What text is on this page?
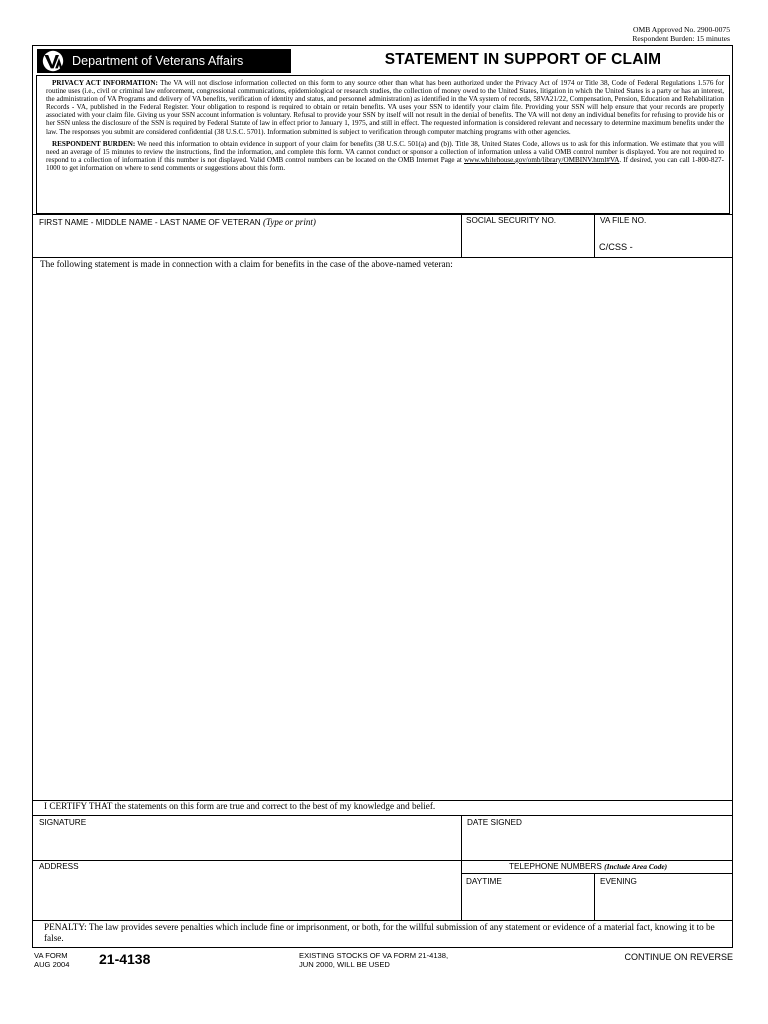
OMB Approved No. 2900-0075
Respondent Burden: 15 minutes
Department of Veterans Affairs	STATEMENT IN SUPPORT OF CLAIM

PRIVACY ACT INFORMATION: The VA will not disclose information collected on this form to any source other than what has been authorized under the Privacy Act of 1974 or Title 38, Code of Federal Regulations 1.576 for routine uses (i.e., civil or criminal law enforcement, congressional communications, epidemiological or research studies, the collection of money owed to the United States, litigation in which the United States is a party or has an interest, the administration of VA Programs and delivery of VA benefits, verification of identity and status, and personnel administration) as identified in the VA system of records, 58VA21/22, Compensation, Pension, Education and Rehabilitation Records - VA, published in the Federal Register. Your obligation to respond is required to obtain or retain benefits. VA uses your SSN to identify your claim file. Providing your SSN will help ensure that your records are properly associated with your claim file. Giving us your SSN account information is voluntary. Refusal to provide your SSN by itself will not result in the denial of benefits. The VA will not deny an individual benefits for refusing to provide his or her SSN unless the disclosure of the SSN is required by Federal Statute of law in effect prior to January 1, 1975, and still in effect. The requested information is considered relevant and necessary to determine maximum benefits under the law. The responses you submit are considered confidential (38 U.S.C. 5701). Information submitted is subject to verification through computer matching programs with other agencies.

RESPONDENT BURDEN: We need this information to obtain evidence in support of your claim for benefits (38 U.S.C. 501(a) and (b)). Title 38, United States Code, allows us to ask for this information. We estimate that you will need an average of 15 minutes to review the instructions, find the information, and complete this form. VA cannot conduct or sponsor a collection of information unless a valid OMB control number is displayed. You are not required to respond to a collection of information if this number is not displayed. Valid OMB control numbers can be located on the OMB Internet Page at www.whitehouse.gov/omb/library/OMBINV.html#VA. If desired, you can call 1-800-827-1000 to get information on where to send comments or suggestions about this form.

FIRST NAME - MIDDLE NAME - LAST NAME OF VETERAN (Type or print)	SOCIAL SECURITY NO.	VA FILE NO.
C/CSS -
The following statement is made in connection with a claim for benefits in the case of the above-named veteran:
I CERTIFY THAT the statements on this form are true and correct to the best of my knowledge and belief.
SIGNATURE	DATE SIGNED
ADDRESS	TELEPHONE NUMBERS (Include Area Code)
DAYTIME	EVENING
PENALTY: The law provides severe penalties which include fine or imprisonment, or both, for the willful submission of any statement or evidence of a material fact, knowing it to be false.
VA FORM
AUG 2004 21-4138	EXISTING STOCKS OF VA FORM 21-4138,
JUN 2000, WILL BE USED
CONTINUE ON REVERSE
